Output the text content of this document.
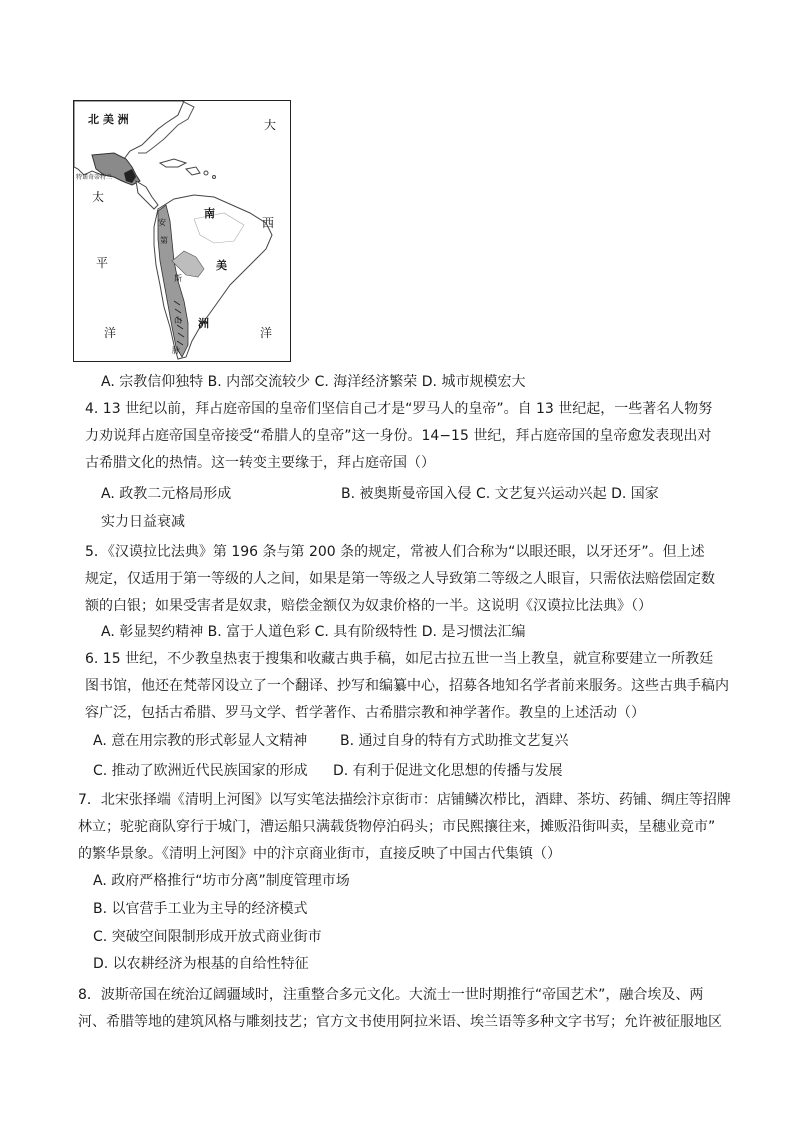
北 美 洲	大
太
平
洋
南
西
美
洋
洲
特诺奇蒂特兰
安
第
山
斯
脉
A. 宗教信仰独特 B. 内部交流较少 C. 海洋经济繁荣 D. 城市规模宏大
4. 13 世纪以前，拜占庭帝国的皇帝们坚信自己才是“罗马人的皇帝”。自 13 世纪起，一些著名人物努
力劝说拜占庭帝国皇帝接受“希腊人的皇帝”这一身份。14−15 世纪，拜占庭帝国的皇帝愈发表现出对
古希腊文化的热情。这一转变主要缘于，拜占庭帝国（）
A. 政教二元格局形成	B. 被奥斯曼帝国入侵 C. 文艺复兴运动兴起 D. 国家
实力日益衰减
5．《汉谟拉比法典》第 196 条与第 200 条的规定，常被人们合称为“以眼还眼，以牙还牙”。但上述
规定，仅适用于第一等级的人之间，如果是第一等级之人导致第二等级之人眼盲，只需依法赔偿固定数
额的白银；如果受害者是奴隶，赔偿金额仅为奴隶价格的一半。这说明《汉谟拉比法典》（）
A. 彰显契约精神 B. 富于人道色彩 C. 具有阶级特性 D. 是习惯法汇编
6. 15 世纪，不少教皇热衷于搜集和收藏古典手稿，如尼古拉五世一当上教皇，就宣称要建立一所教廷
图书馆，他还在梵蒂冈设立了一个翻译、抄写和编纂中心，招募各地知名学者前来服务。这些古典手稿内
容广泛，包括古希腊、罗马文学、哲学著作、古希腊宗教和神学著作。教皇的上述活动（）
A. 意在用宗教的形式彰显人文精神 B. 通过自身的特有方式助推文艺复兴
C. 推动了欧洲近代民族国家的形成 D. 有利于促进文化思想的传播与发展
7．北宋张择端《清明上河图》以写实笔法描绘汴京街市：店铺鳞次栉比，酒肆、茶坊、药铺、绸庄等招牌
林立；驼驼商队穿行于城门，漕运船只满载货物停泊码头；市民熙攘往来，摊贩沿街叫卖，呈穗业竞市”
的繁华景象。《清明上河图》中的汴京商业街市，直接反映了中国古代集镇（）
A. 政府严格推行“坊市分离”制度管理市场
B. 以官营手工业为主导的经济模式
C. 突破空间限制形成开放式商业街市
D. 以农耕经济为根基的自给性特征
8．波斯帝国在统治辽阔疆域时，注重整合多元文化。大流士一世时期推行“帝国艺术”，融合埃及、两
河、希腊等地的建筑风格与雕刻技艺；官方文书使用阿拉米语、埃兰语等多种文字书写；允许被征服地区
